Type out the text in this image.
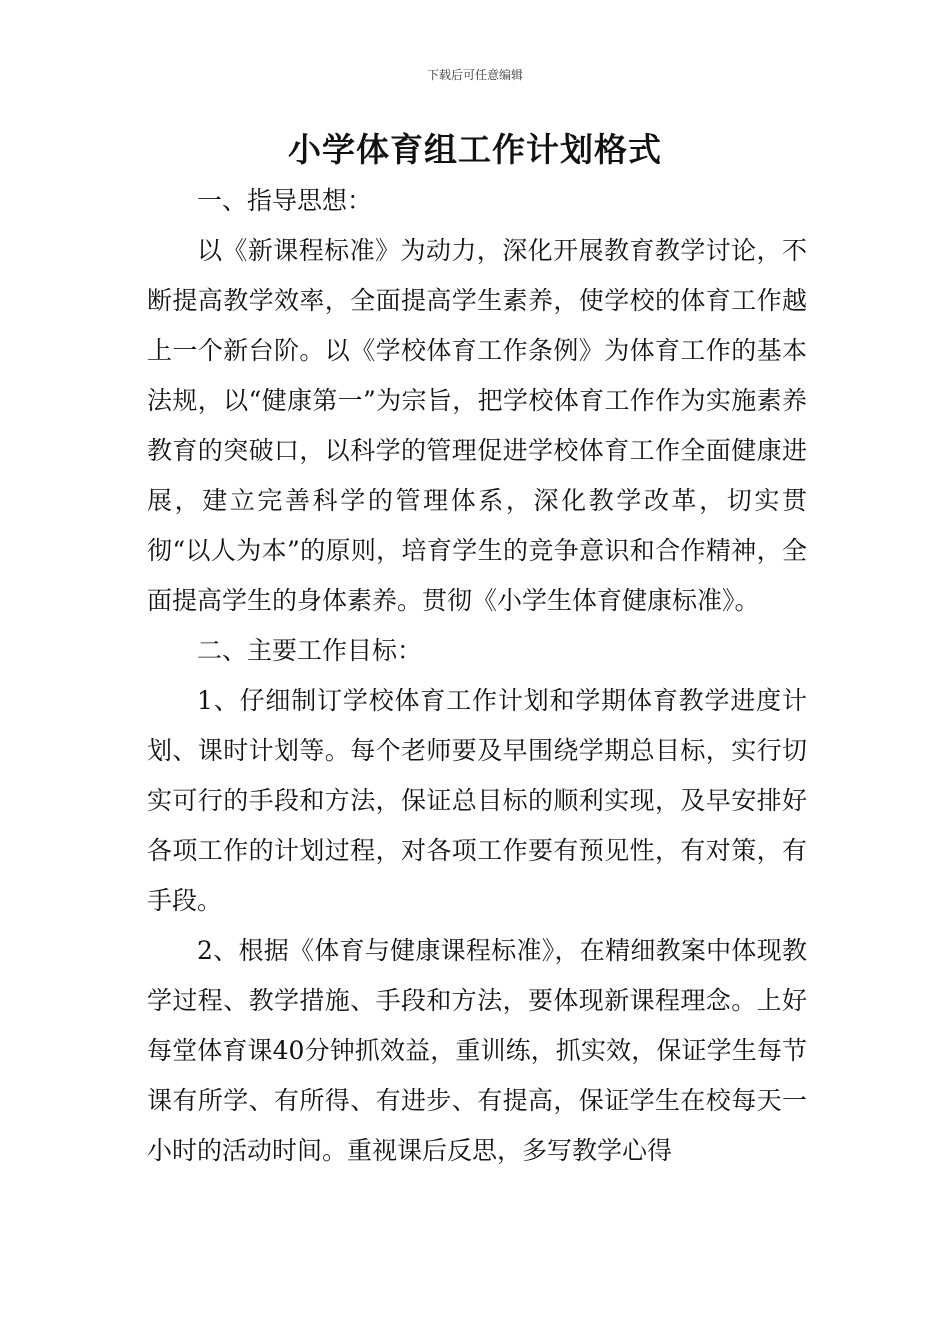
下载后可任意编辑
小学体育组工作计划格式

一、指导思想：

以《新课程标准》为动力，深化开展教育教学讨论，不断提高教学效率，全面提高学生素养，使学校的体育工作越上一个新台阶。以《学校体育工作条例》为体育工作的基本法规，以“健康第一”为宗旨，把学校体育工作作为实施素养教育的突破口，以科学的管理促进学校体育工作全面健康进展，建立完善科学的管理体系，深化教学改革，切实贯彻“以人为本”的原则，培育学生的竞争意识和合作精神，全面提高学生的身体素养。贯彻《小学生体育健康标准》。

二、主要工作目标：

1、仔细制订学校体育工作计划和学期体育教学进度计划、课时计划等。每个老师要及早围绕学期总目标，实行切实可行的手段和方法，保证总目标的顺利实现，及早安排好各项工作的计划过程，对各项工作要有预见性，有对策，有手段。

2、根据《体育与健康课程标准》，在精细教案中体现教学过程、教学措施、手段和方法，要体现新课程理念。上好每堂体育课40分钟抓效益，重训练，抓实效，保证学生每节课有所学、有所得、有进步、有提高，保证学生在校每天一小时的活动时间。重视课后反思，多写教学心得
